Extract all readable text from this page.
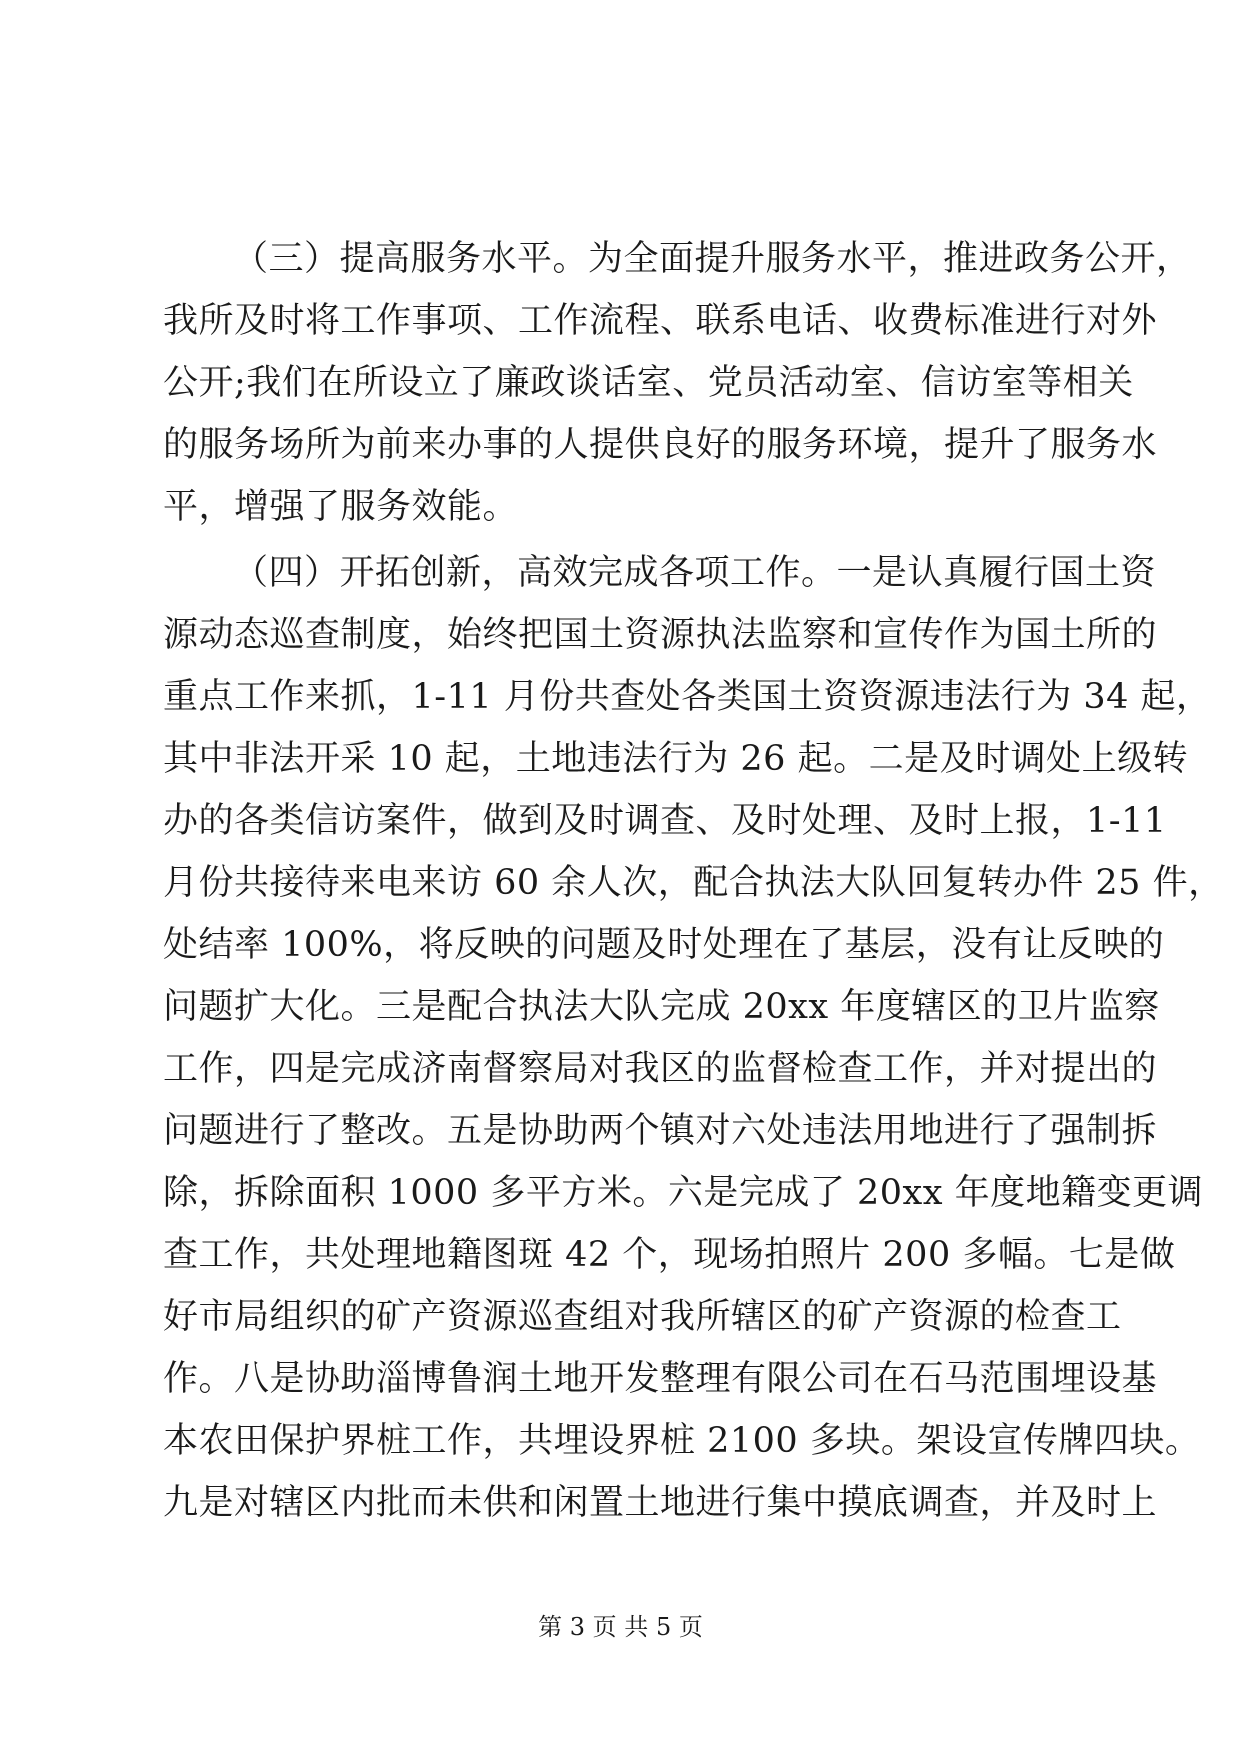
（三）提高服务水平。为全面提升服务水平，推进政务公开，
我所及时将工作事项、工作流程、联系电话、收费标准进行对外
公开;我们在所设立了廉政谈话室、党员活动室、信访室等相关
的服务场所为前来办事的人提供良好的服务环境，提升了服务水
平，增强了服务效能。
（四）开拓创新，高效完成各项工作。一是认真履行国土资
源动态巡查制度，始终把国土资源执法监察和宣传作为国土所的
重点工作来抓，1-11 月份共查处各类国土资资源违法行为 34 起，
其中非法开采 10 起，土地违法行为 26 起。二是及时调处上级转
办的各类信访案件，做到及时调查、及时处理、及时上报，1-11
月份共接待来电来访 60 余人次，配合执法大队回复转办件 25 件，
处结率 100%，将反映的问题及时处理在了基层，没有让反映的
问题扩大化。三是配合执法大队完成 20xx 年度辖区的卫片监察
工作，四是完成济南督察局对我区的监督检查工作，并对提出的
问题进行了整改。五是协助两个镇对六处违法用地进行了强制拆
除，拆除面积 1000 多平方米。六是完成了 20xx 年度地籍变更调
查工作，共处理地籍图斑 42 个，现场拍照片 200 多幅。七是做
好市局组织的矿产资源巡查组对我所辖区的矿产资源的检查工
作。八是协助淄博鲁润土地开发整理有限公司在石马范围埋设基
本农田保护界桩工作，共埋设界桩 2100 多块。架设宣传牌四块。
九是对辖区内批而未供和闲置土地进行集中摸底调查，并及时上
第 3 页 共 5 页
